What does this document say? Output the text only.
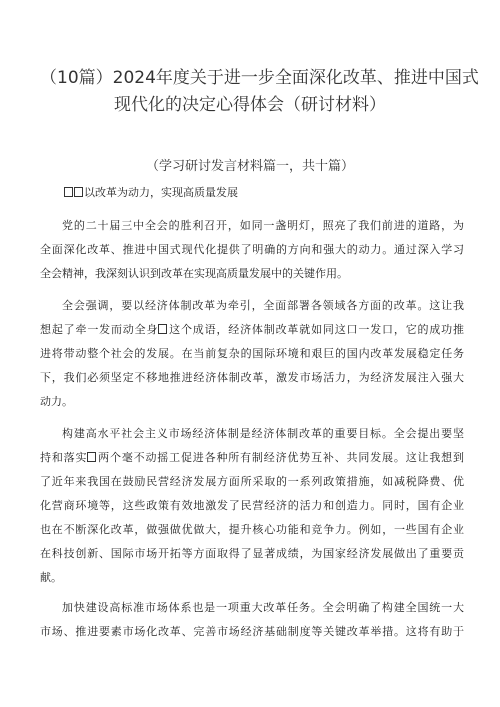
（10篇）2024年度关于进一步全面深化改革、推进中国式
现代化的决定心得体会（研讨材料）
（学习研讨发言材料篇一，共十篇）
以改革为动力，实现高质量发展
党的二十届三中全会的胜利召开，如同一盏明灯，照亮了我们前进的道路，为
全面深化改革、推进中国式现代化提供了明确的方向和强大的动力。通过深入学习
全会精神，我深刻认识到改革在实现高质量发展中的关键作用。
全会强调，要以经济体制改革为牵引，全面部署各领域各方面的改革。这让我
想起了牵一发而动全身 这个成语，经济体制改革就如同这口一发口，它的成功推
进将带动整个社会的发展。在当前复杂的国际环境和艰巨的国内改革发展稳定任务
下，我们必须坚定不移地推进经济体制改革，激发市场活力，为经济发展注入强大
动力。
构建高水平社会主义市场经济体制是经济体制改革的重要目标。全会提出要坚
持和落实 两个毫不动摇工促进各种所有制经济优势互补、共同发展。这让我想到
了近年来我国在鼓励民营经济发展方面所采取的一系列政策措施，如减税降费、优
化营商环境等，这些政策有效地激发了民营经济的活力和创造力。同时，国有企业
也在不断深化改革，做强做优做大，提升核心功能和竞争力。例如，一些国有企业
在科技创新、国际市场开拓等方面取得了显著成绩，为国家经济发展做出了重要贡
献。
加快建设高标准市场体系也是一项重大改革任务。全会明确了构建全国统一大
市场、推进要素市场化改革、完善市场经济基础制度等关键改革举措。这将有助于
